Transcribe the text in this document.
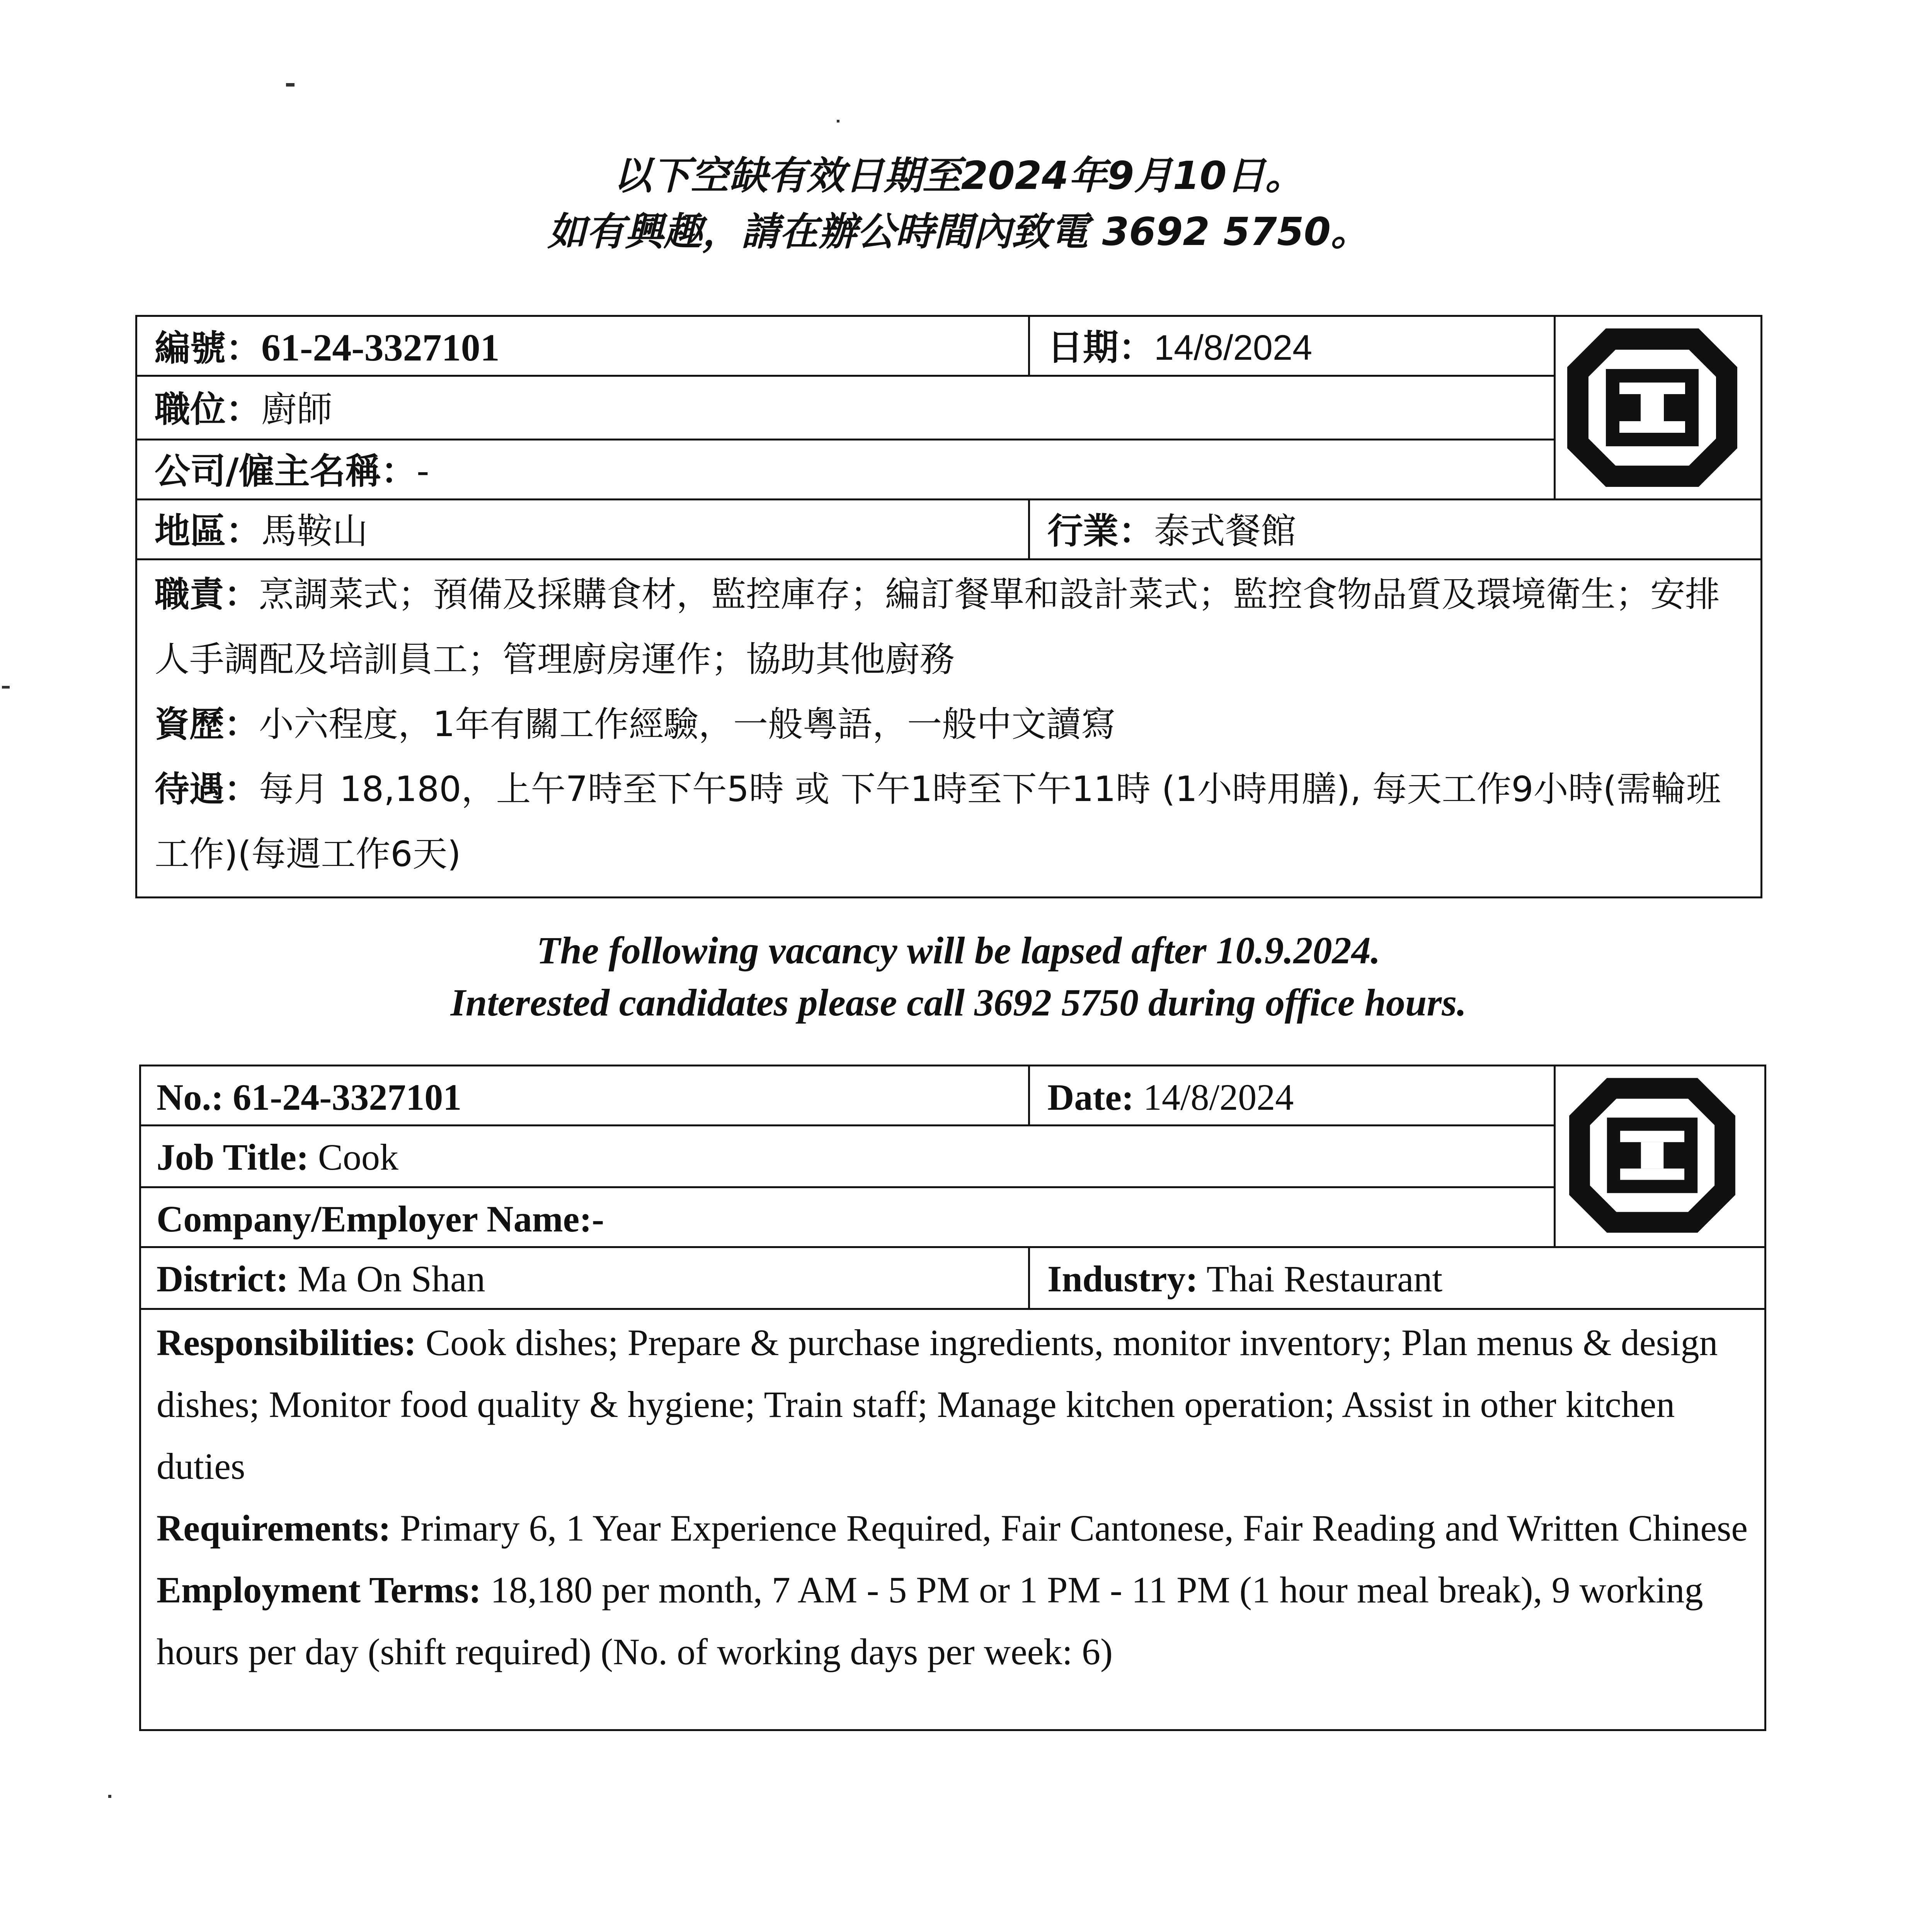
以下空缺有效日期至2024年9月10日。
如有興趣，請在辦公時間內致電 3692 5750。
編號：61-24-3327101	日期：14/8/2024
職位：廚師
公司/僱主名稱：-
地區：馬鞍山	行業：泰式餐館
職責：烹調菜式；預備及採購食材，監控庫存；編訂餐單和設計菜式；監控食物品質及環境衛生；安排人手調配及培訓員工；管理廚房運作；協助其他廚務
資歷：小六程度，1年有關工作經驗，一般粵語，一般中文讀寫
待遇：每月 18,180，上午7時至下午5時 或 下午1時至下午11時 (1小時用膳), 每天工作9小時(需輪班工作)(每週工作6天)
The following vacancy will be lapsed after 10.9.2024.
Interested candidates please call 3692 5750 during office hours.
No.: 61-24-3327101	Date: 14/8/2024
Job Title: Cook
Company/Employer Name:-
District: Ma On Shan	Industry: Thai Restaurant
Responsibilities: Cook dishes; Prepare & purchase ingredients, monitor inventory; Plan menus & design dishes; Monitor food quality & hygiene; Train staff; Manage kitchen operation; Assist in other kitchen duties
Requirements: Primary 6, 1 Year Experience Required, Fair Cantonese, Fair Reading and Written Chinese
Employment Terms: 18,180 per month, 7 AM - 5 PM or 1 PM - 11 PM (1 hour meal break), 9 working hours per day (shift required) (No. of working days per week: 6)
